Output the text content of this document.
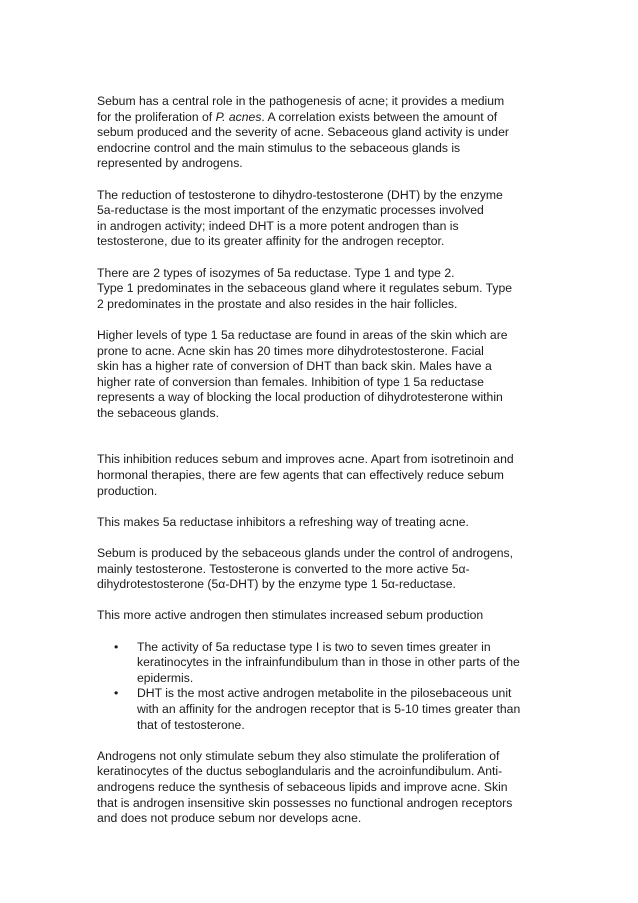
Sebum has a central role in the pathogenesis of acne; it provides a medium
for the proliferation of P. acnes. A correlation exists between the amount of
sebum produced and the severity of acne. Sebaceous gland activity is under
endocrine control and the main stimulus to the sebaceous glands is
represented by androgens.
The reduction of testosterone to dihydro-testosterone (DHT) by the enzyme
5a-reductase is the most important of the enzymatic processes involved
in androgen activity; indeed DHT is a more potent androgen than is
testosterone, due to its greater affinity for the androgen receptor.
There are 2 types of isozymes of 5a reductase. Type 1 and type 2.
Type 1 predominates in the sebaceous gland where it regulates sebum. Type
2 predominates in the prostate and also resides in the hair follicles.
Higher levels of type 1 5a reductase are found in areas of the skin which are
prone to acne. Acne skin has 20 times more dihydrotestosterone. Facial
skin has a higher rate of conversion of DHT than back skin. Males have a
higher rate of conversion than females. Inhibition of type 1 5a reductase
represents a way of blocking the local production of dihydrotesterone within
the sebaceous glands.
This inhibition reduces sebum and improves acne. Apart from isotretinoin and
hormonal therapies, there are few agents that can effectively reduce sebum
production.
This makes 5a reductase inhibitors a refreshing way of treating acne.
Sebum is produced by the sebaceous glands under the control of androgens,
mainly testosterone. Testosterone is converted to the more active 5α-
dihydrotestosterone (5α-DHT) by the enzyme type 1 5α-reductase.
This more active androgen then stimulates increased sebum production
• The activity of 5a reductase type I is two to seven times greater in
keratinocytes in the infrainfundibulum than in those in other parts of the
epidermis.
• DHT is the most active androgen metabolite in the pilosebaceous unit
with an affinity for the androgen receptor that is 5-10 times greater than
that of testosterone.
Androgens not only stimulate sebum they also stimulate the proliferation of
keratinocytes of the ductus seboglandularis and the acroinfundibulum. Anti-
androgens reduce the synthesis of sebaceous lipids and improve acne. Skin
that is androgen insensitive skin possesses no functional androgen receptors
and does not produce sebum nor develops acne.
